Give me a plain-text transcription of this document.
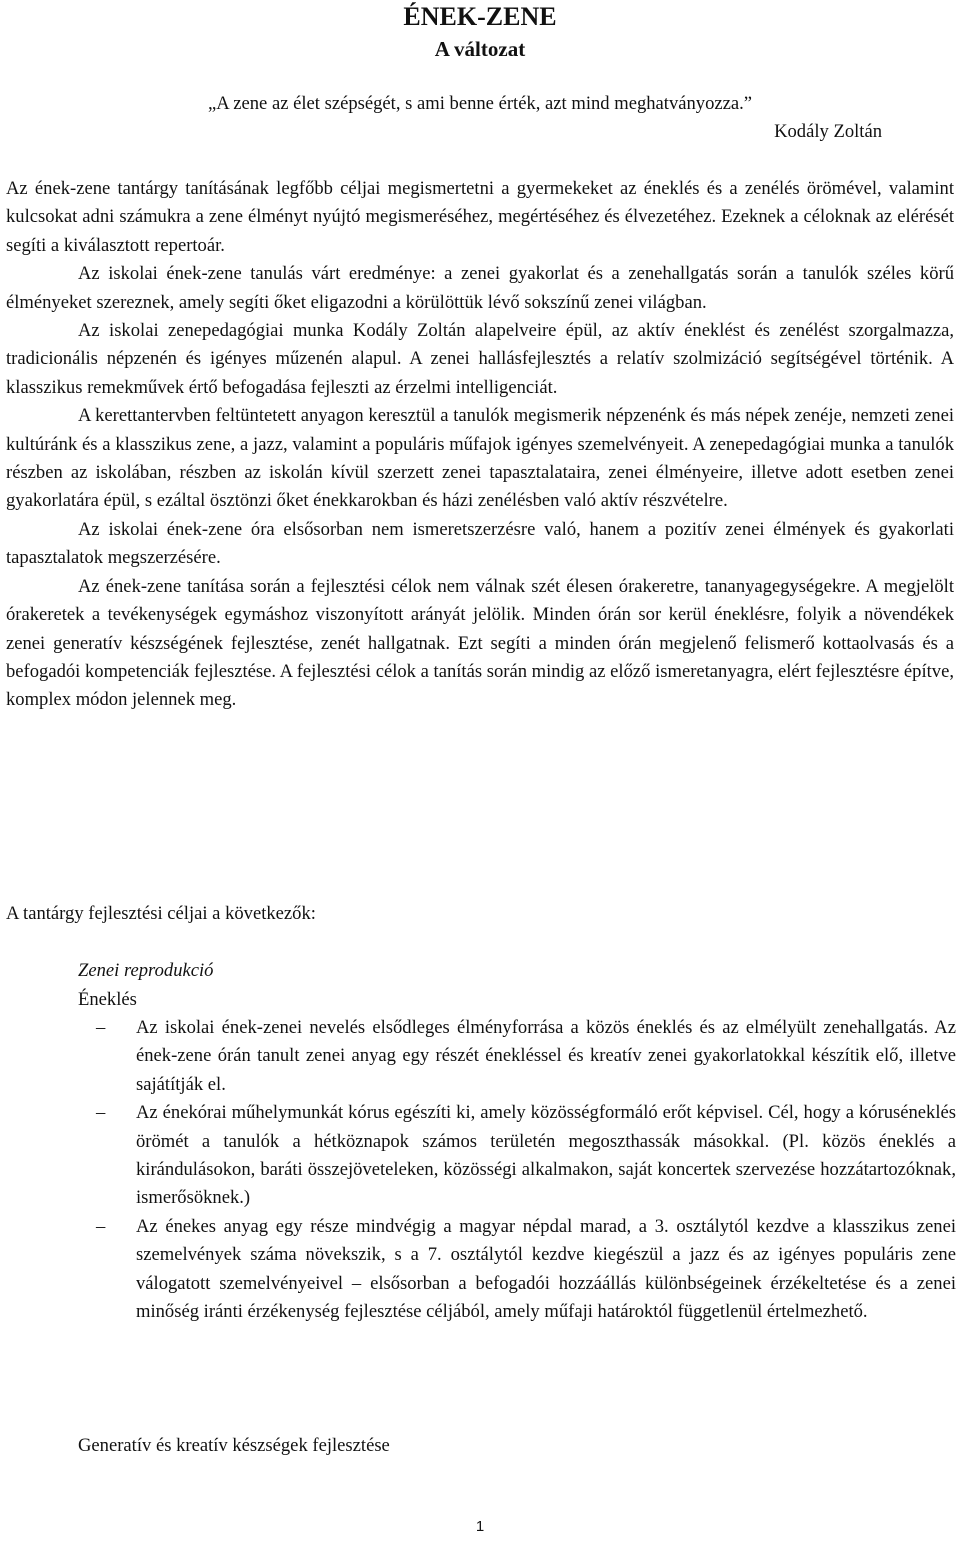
ÉNEK-ZENE
A változat

„A zene az élet szépségét, s ami benne érték, azt mind meghatványozza.”

Kodály Zoltán

Az ének-zene tantárgy tanításának legfőbb céljai megismertetni a gyermekeket az éneklés és a zenélés örömével, valamint kulcsokat adni számukra a zene élményt nyújtó megismeréséhez, megértéséhez és élvezetéhez. Ezeknek a céloknak az elérését segíti a kiválasztott repertoár.

Az iskolai ének-zene tanulás várt eredménye: a zenei gyakorlat és a zenehallgatás során a tanulók széles körű élményeket szereznek, amely segíti őket eligazodni a körülöttük lévő sokszínű zenei világban.

Az iskolai zenepedagógiai munka Kodály Zoltán alapelveire épül, az aktív éneklést és zenélést szorgalmazza, tradicionális népzenén és igényes műzenén alapul. A zenei hallásfejlesztés a relatív szolmizáció segítségével történik. A klasszikus remekművek értő befogadása fejleszti az érzelmi intelligenciát.

A kerettantervben feltüntetett anyagon keresztül a tanulók megismerik népzenénk és más népek zenéje, nemzeti zenei kultúránk és a klasszikus zene, a jazz, valamint a populáris műfajok igényes szemelvényeit. A zenepedagógiai munka a tanulók részben az iskolában, részben az iskolán kívül szerzett zenei tapasztalataira, zenei élményeire, illetve adott esetben zenei gyakorlatára épül, s ezáltal ösztönzi őket énekkarokban és házi zenélésben való aktív részvételre.

Az iskolai ének-zene óra elsősorban nem ismeretszerzésre való, hanem a pozitív zenei élmények és gyakorlati tapasztalatok megszerzésére.

Az ének-zene tanítása során a fejlesztési célok nem válnak szét élesen órakeretre, tananyagegységekre. A megjelölt órakeretek a tevékenységek egymáshoz viszonyított arányát jelölik. Minden órán sor kerül éneklésre, folyik a növendékek zenei generatív készségének fejlesztése, zenét hallgatnak. Ezt segíti a minden órán megjelenő felismerő kottaolvasás és a befogadói kompetenciák fejlesztése. A fejlesztési célok a tanítás során mindig az előző ismeretanyagra, elért fejlesztésre építve, komplex módon jelennek meg.

A tantárgy fejlesztési céljai a következők:

Zenei reprodukció

Éneklés

– Az iskolai ének-zenei nevelés elsődleges élményforrása a közös éneklés és az elmélyült zenehallgatás. Az ének-zene órán tanult zenei anyag egy részét énekléssel és kreatív zenei gyakorlatokkal készítik elő, illetve sajátítják el.
– Az énekórai műhelymunkát kórus egészíti ki, amely közösségformáló erőt képvisel. Cél, hogy a kóruséneklés örömét a tanulók a hétköznapok számos területén megoszthassák másokkal. (Pl. közös éneklés a kirándulásokon, baráti összejöveteleken, közösségi alkalmakon, saját koncertek szervezése hozzátartozóknak, ismerősöknek.)
– Az énekes anyag egy része mindvégig a magyar népdal marad, a 3. osztálytól kezdve a klasszikus zenei szemelvények száma növekszik, s a 7. osztálytól kezdve kiegészül a jazz és az igényes populáris zene válogatott szemelvényeivel – elsősorban a befogadói hozzáállás különbségeinek érzékeltetése és a zenei minőség iránti érzékenység fejlesztése céljából, amely műfaji határoktól függetlenül értelmezhető.

Generatív és kreatív készségek fejlesztése

1
